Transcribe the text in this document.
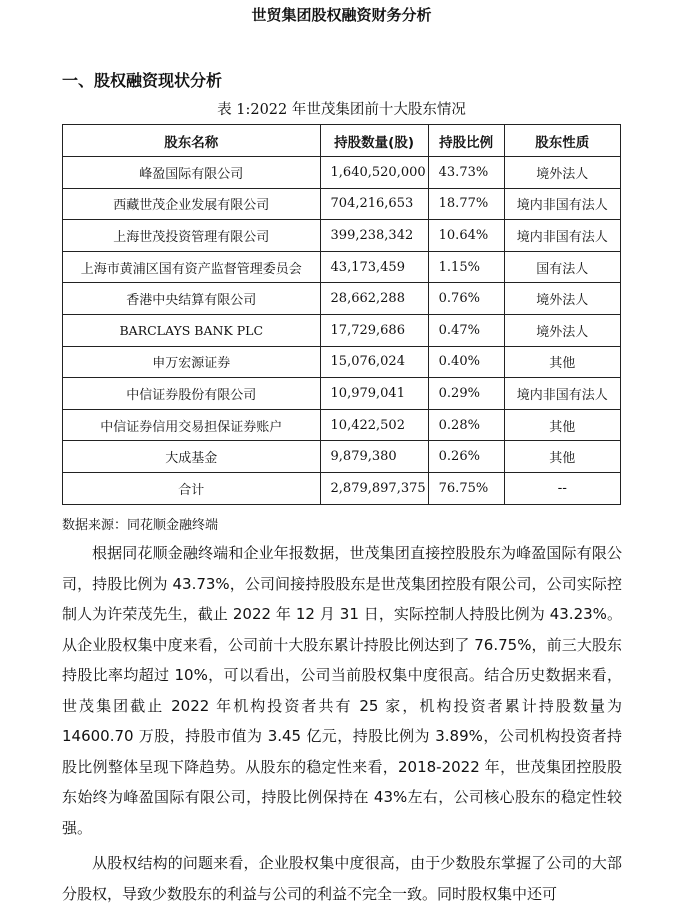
世贸集团股权融资财务分析
一、股权融资现状分析
表 1:2022 年世茂集团前十大股东情况
股东名称	持股数量(股)	持股比例	股东性质
峰盈国际有限公司	1,640,520,000	43.73%	境外法人
西藏世茂企业发展有限公司	704,216,653	18.77%	境内非国有法人
上海世茂投资管理有限公司	399,238,342	10.64%	境内非国有法人
上海市黄浦区国有资产监督管理委员会	43,173,459	1.15%	国有法人
香港中央结算有限公司	28,662,288	0.76%	境外法人
BARCLAYS BANK PLC	17,729,686	0.47%	境外法人
申万宏源证券	15,076,024	0.40%	其他
中信证券股份有限公司	10,979,041	0.29%	境内非国有法人
中信证券信用交易担保证券账户	10,422,502	0.28%	其他
大成基金	9,879,380	0.26%	其他
合计	2,879,897,375	76.75%	--
数据来源：同花顺金融终端

根据同花顺金融终端和企业年报数据，世茂集团直接控股股东为峰盈国际有限公司，持股比例为 43.73%，公司间接持股股东是世茂集团控股有限公司，公司实际控制人为许荣茂先生，截止 2022 年 12 月 31 日，实际控制人持股比例为 43.23%。从企业股权集中度来看，公司前十大股东累计持股比例达到了 76.75%，前三大股东持股比率均超过 10%，可以看出，公司当前股权集中度很高。结合历史数据来看，世茂集团截止 2022 年机构投资者共有 25 家，机构投资者累计持股数量为 14600.70 万股，持股市值为 3.45 亿元，持股比例为 3.89%，公司机构投资者持股比例整体呈现下降趋势。从股东的稳定性来看，2018-2022 年，世茂集团控股股东始终为峰盈国际有限公司，持股比例保持在 43%左右，公司核心股东的稳定性较强。

从股权结构的问题来看，企业股权集中度很高，由于少数股东掌握了公司的大部分股权，导致少数股东的利益与公司的利益不完全一致。同时股权集中还可
